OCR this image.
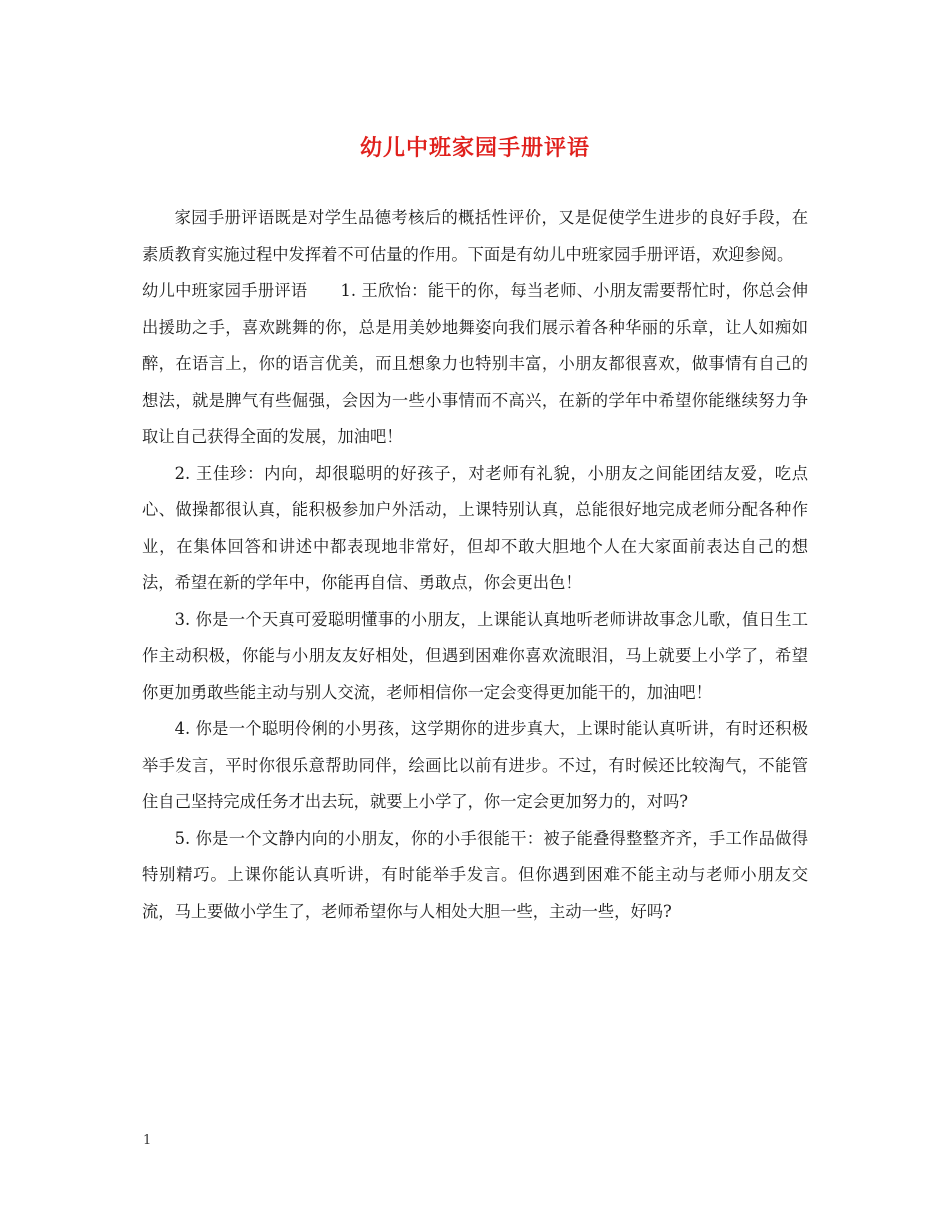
幼儿中班家园手册评语

家园手册评语既是对学生品德考核后的概括性评价，又是促使学生进步的良好手段，在素质教育实施过程中发挥着不可估量的作用。下面是有幼儿中班家园手册评语，欢迎参阅。

幼儿中班家园手册评语　　1. 王欣怡：能干的你，每当老师、小朋友需要帮忙时，你总会伸出援助之手，喜欢跳舞的你，总是用美妙地舞姿向我们展示着各种华丽的乐章，让人如痴如醉，在语言上，你的语言优美，而且想象力也特别丰富，小朋友都很喜欢，做事情有自己的想法，就是脾气有些倔强，会因为一些小事情而不高兴，在新的学年中希望你能继续努力争取让自己获得全面的发展，加油吧！

2. 王佳珍：内向，却很聪明的好孩子，对老师有礼貌，小朋友之间能团结友爱，吃点心、做操都很认真，能积极参加户外活动，上课特别认真，总能很好地完成老师分配各种作业，在集体回答和讲述中都表现地非常好，但却不敢大胆地个人在大家面前表达自己的想法，希望在新的学年中，你能再自信、勇敢点，你会更出色！

3. 你是一个天真可爱聪明懂事的小朋友，上课能认真地听老师讲故事念儿歌，值日生工作主动积极，你能与小朋友友好相处，但遇到困难你喜欢流眼泪，马上就要上小学了，希望你更加勇敢些能主动与别人交流，老师相信你一定会变得更加能干的，加油吧！

4. 你是一个聪明伶俐的小男孩，这学期你的进步真大，上课时能认真听讲，有时还积极举手发言，平时你很乐意帮助同伴，绘画比以前有进步。不过，有时候还比较淘气，不能管住自己坚持完成任务才出去玩，就要上小学了，你一定会更加努力的，对吗?

5. 你是一个文静内向的小朋友，你的小手很能干：被子能叠得整整齐齐，手工作品做得特别精巧。上课你能认真听讲，有时能举手发言。但你遇到困难不能主动与老师小朋友交流，马上要做小学生了，老师希望你与人相处大胆一些，主动一些，好吗?

1
